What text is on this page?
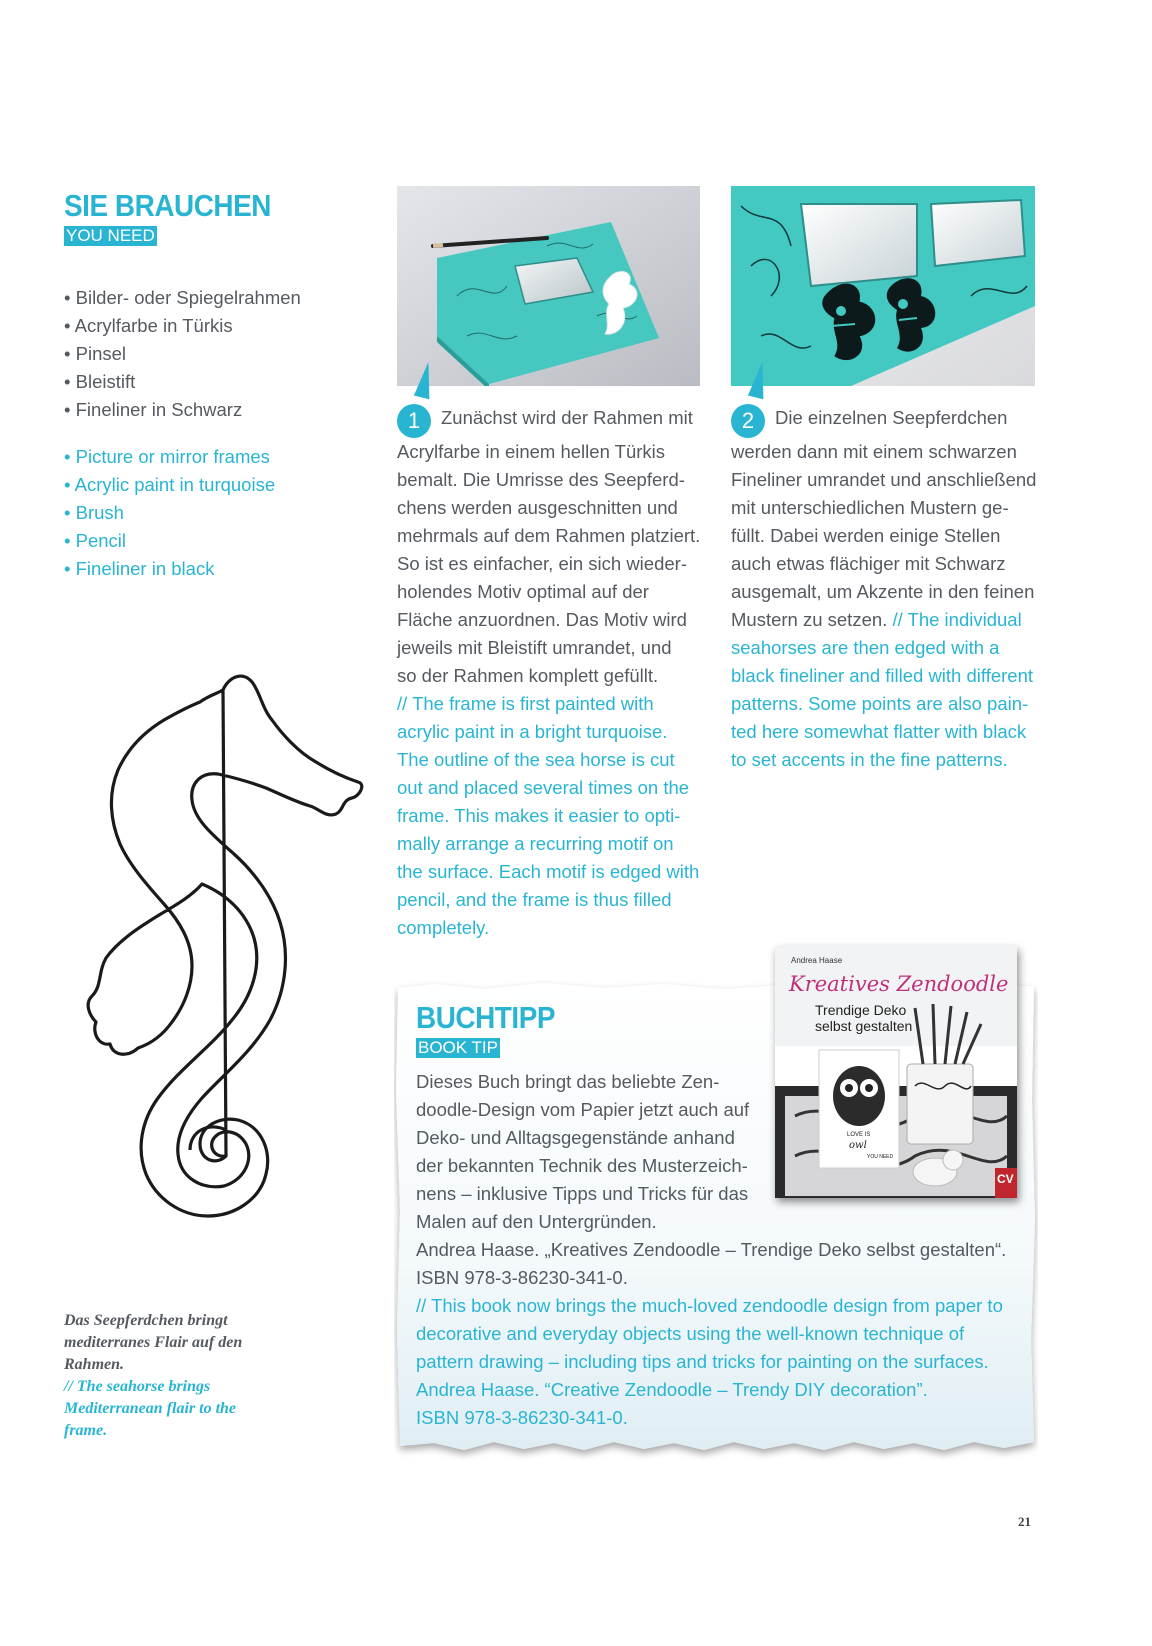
SIE BRAUCHEN
YOU NEED
• Bilder- oder Spiegelrahmen
• Acrylfarbe in Türkis
• Pinsel
• Bleistift
• Fineliner in Schwarz
• Picture or mirror frames
• Acrylic paint in turquoise
• Brush
• Pencil
• Fineliner in black
Das Seepferdchen bringt
mediterranes Flair auf den
Rahmen.
// The seahorse brings
Mediterranean flair to the
frame.
1 Zunächst wird der Rahmen mit
Acrylfarbe in einem hellen Türkis
bemalt. Die Umrisse des Seepferd-
chens werden ausgeschnitten und
mehrmals auf dem Rahmen platziert.
So ist es einfacher, ein sich wieder-
holendes Motiv optimal auf der
Fläche anzuordnen. Das Motiv wird
jeweils mit Bleistift umrandet, und
so der Rahmen komplett gefüllt.
// The frame is first painted with
acrylic paint in a bright turquoise.
The outline of the sea horse is cut
out and placed several times on the
frame. This makes it easier to opti-
mally arrange a recurring motif on
the surface. Each motif is edged with
pencil, and the frame is thus filled
completely.
2 Die einzelnen Seepferdchen
werden dann mit einem schwarzen
Fineliner umrandet und anschließend
mit unterschiedlichen Mustern ge-
füllt. Dabei werden einige Stellen
auch etwas flächiger mit Schwarz
ausgemalt, um Akzente in den feinen
Mustern zu setzen. // The individual
seahorses are then edged with a
black fineliner and filled with different
patterns. Some points are also pain-
ted here somewhat flatter with black
to set accents in the fine patterns.
Andrea Haase
Kreatives Zendoodle
Trendige Deko
selbst gestalten
LOVE IS
owl
YOU NEED
CV
BUCHTIPP
BOOK TIP
Dieses Buch bringt das beliebte Zen-
doodle-Design vom Papier jetzt auch auf
Deko- und Alltagsgegenstände anhand
der bekannten Technik des Musterzeich-
nens – inklusive Tipps und Tricks für das
Malen auf den Untergründen.
Andrea Haase. „Kreatives Zendoodle – Trendige Deko selbst gestalten“.
ISBN 978-3-86230-341-0.
// This book now brings the much-loved zendoodle design from paper to
decorative and everyday objects using the well-known technique of
pattern drawing – including tips and tricks for painting on the surfaces.
Andrea Haase. “Creative Zendoodle – Trendy DIY decoration”.
ISBN 978-3-86230-341-0.
21
